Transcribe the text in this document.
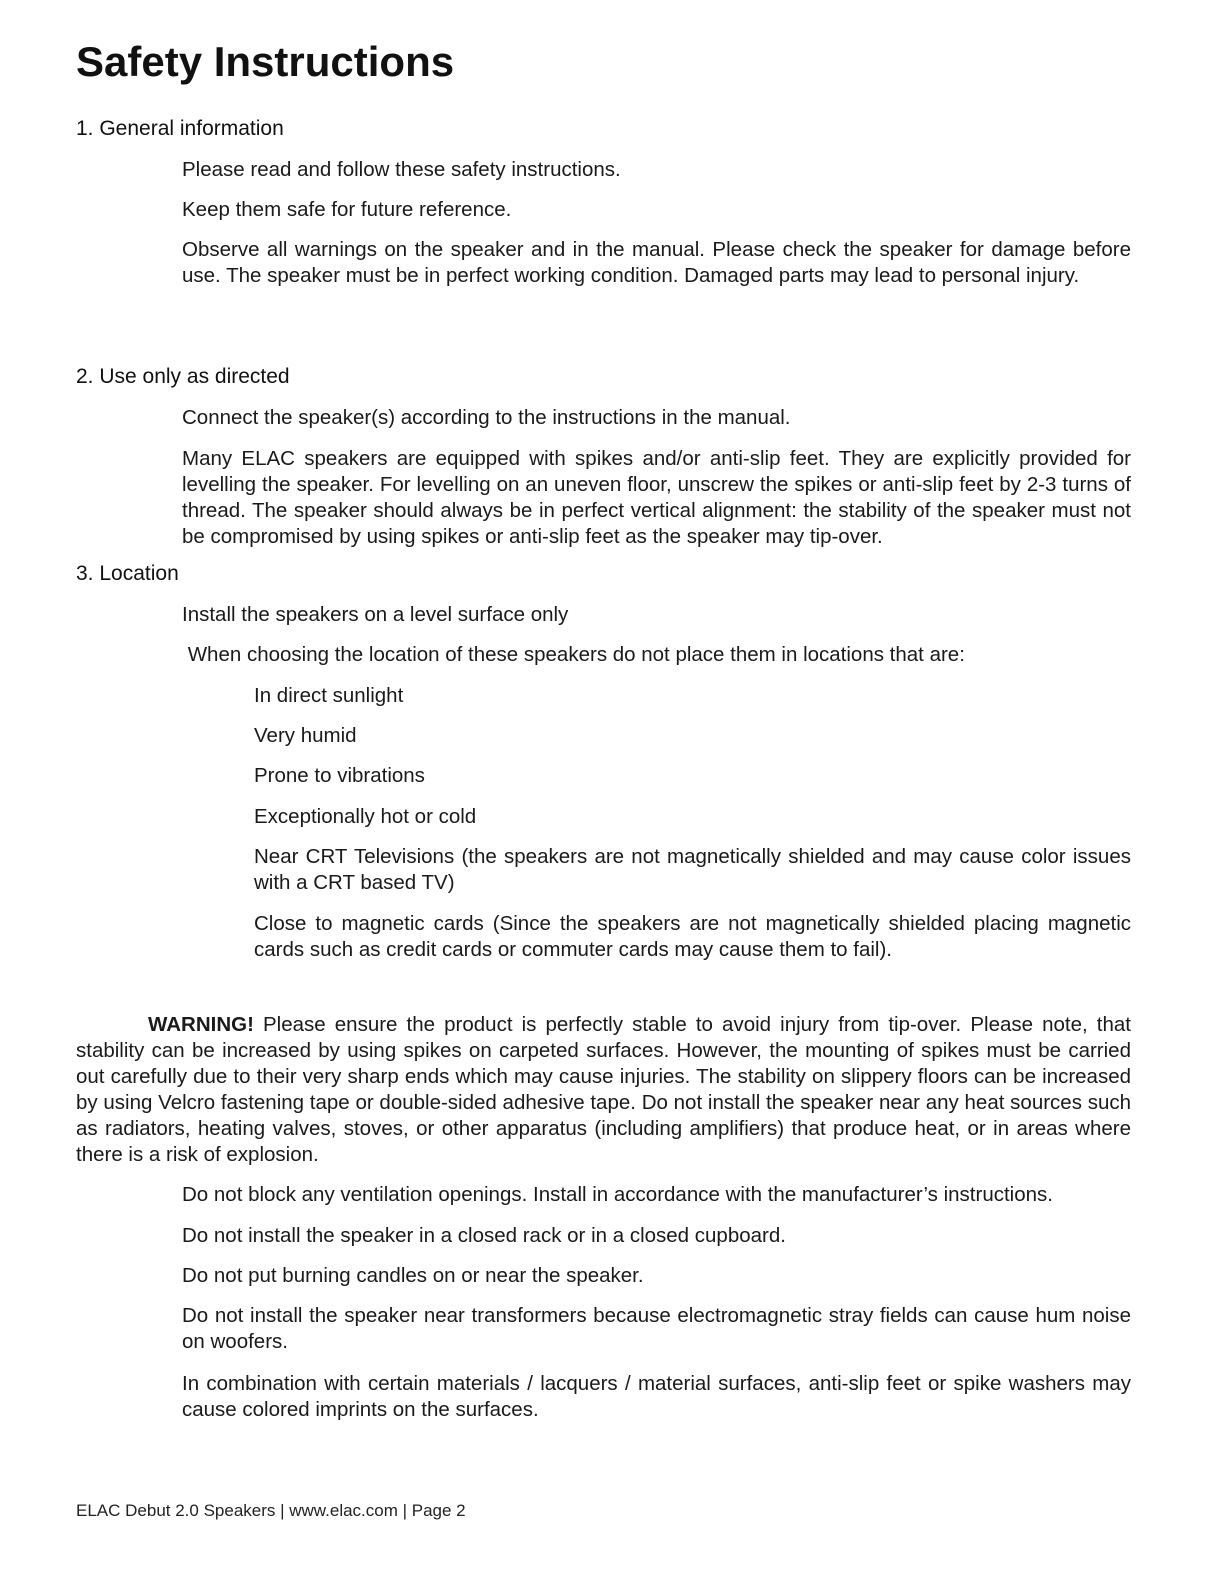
Safety Instructions
1. General information
Please read and follow these safety instructions.
Keep them safe for future reference.
Observe all warnings on the speaker and in the manual. Please check the speaker for damage before use. The speaker must be in perfect working condition. Damaged parts may lead to personal injury.
2. Use only as directed
Connect the speaker(s) according to the instructions in the manual.
Many ELAC speakers are equipped with spikes and/or anti-slip feet. They are explicitly provided for levelling the speaker. For levelling on an uneven floor, unscrew the spikes or anti-slip feet by 2-3 turns of thread. The speaker should always be in perfect vertical alignment: the stability of the speaker must not be compromised by using spikes or anti-slip feet as the speaker may tip-over.
3. Location
Install the speakers on a level surface only
When choosing the location of these speakers do not place them in locations that are:
In direct sunlight
Very humid
Prone to vibrations
Exceptionally hot or cold
Near CRT Televisions (the speakers are not magnetically shielded and may cause color issues with a CRT based TV)
Close to magnetic cards (Since the speakers are not magnetically shielded placing magnetic cards such as credit cards or commuter cards may cause them to fail).
WARNING! Please ensure the product is perfectly stable to avoid injury from tip-over. Please note, that stability can be increased by using spikes on carpeted surfaces. However, the mounting of spikes must be carried out carefully due to their very sharp ends which may cause injuries. The stability on slippery floors can be increased by using Velcro fastening tape or double-sided adhesive tape. Do not install the speaker near any heat sources such as radiators, heating valves, stoves, or other apparatus (including amplifiers) that produce heat, or in areas where there is a risk of explosion.
Do not block any ventilation openings. Install in accordance with the manufacturer’s instructions.
Do not install the speaker in a closed rack or in a closed cupboard.
Do not put burning candles on or near the speaker.
Do not install the speaker near transformers because electromagnetic stray fields can cause hum noise on woofers.
In combination with certain materials / lacquers / material surfaces, anti-slip feet or spike washers may cause colored imprints on the surfaces.
ELAC Debut 2.0 Speakers | www.elac.com | Page 2
